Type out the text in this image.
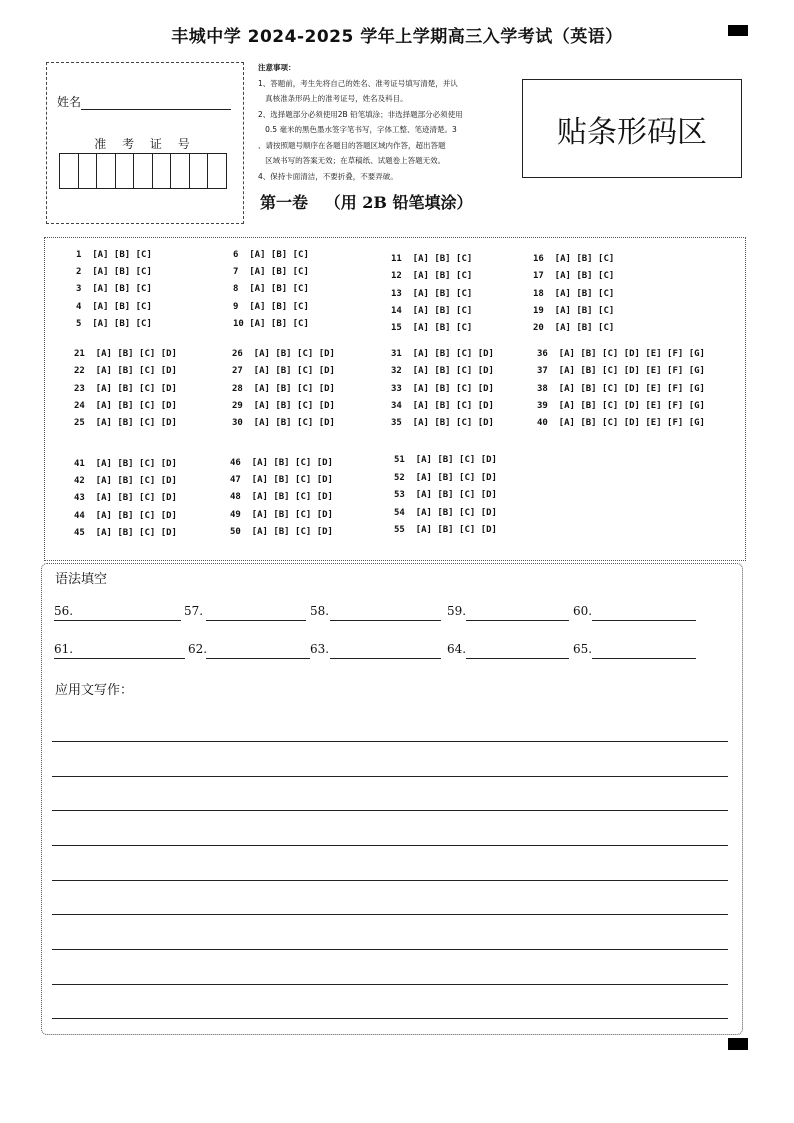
丰城中学 2024-2025 学年上学期高三入学考试（英语）
姓名
准 考 证 号
注意事项：
1、答题前，考生先将自己的姓名、准考证号填写清楚，并认
真核准条形码上的准考证号，姓名及科目。
2、选择题部分必须使用2B 铅笔填涂；非选择题部分必须使用
0.5 毫米的黑色墨水签字笔书写，字体工整、笔迹清楚。3
、请按照题号顺序在各题目的答题区域内作答，超出答题
区域书写的答案无效；在草稿纸、试题卷上答题无效。
4、保持卡面清洁，不要折叠，不要弄破。
贴条形码区
第一卷   （用 2B 铅笔填涂）
1  [A] [B] [C]
2  [A] [B] [C]
3  [A] [B] [C]
4  [A] [B] [C]
5  [A] [B] [C]
6  [A] [B] [C]
7  [A] [B] [C]
8  [A] [B] [C]
9  [A] [B] [C]
10 [A] [B] [C]
11  [A] [B] [C]
12  [A] [B] [C]
13  [A] [B] [C]
14  [A] [B] [C]
15  [A] [B] [C]
16  [A] [B] [C]
17  [A] [B] [C]
18  [A] [B] [C]
19  [A] [B] [C]
20  [A] [B] [C]
21  [A] [B] [C] [D]
22  [A] [B] [C] [D]
23  [A] [B] [C] [D]
24  [A] [B] [C] [D]
25  [A] [B] [C] [D]
26  [A] [B] [C] [D]
27  [A] [B] [C] [D]
28  [A] [B] [C] [D]
29  [A] [B] [C] [D]
30  [A] [B] [C] [D]
31  [A] [B] [C] [D]
32  [A] [B] [C] [D]
33  [A] [B] [C] [D]
34  [A] [B] [C] [D]
35  [A] [B] [C] [D]
36  [A] [B] [C] [D] [E] [F] [G]
37  [A] [B] [C] [D] [E] [F] [G]
38  [A] [B] [C] [D] [E] [F] [G]
39  [A] [B] [C] [D] [E] [F] [G]
40  [A] [B] [C] [D] [E] [F] [G]
41  [A] [B] [C] [D]
42  [A] [B] [C] [D]
43  [A] [B] [C] [D]
44  [A] [B] [C] [D]
45  [A] [B] [C] [D]
46  [A] [B] [C] [D]
47  [A] [B] [C] [D]
48  [A] [B] [C] [D]
49  [A] [B] [C] [D]
50  [A] [B] [C] [D]
51  [A] [B] [C] [D]
52  [A] [B] [C] [D]
53  [A] [B] [C] [D]
54  [A] [B] [C] [D]
55  [A] [B] [C] [D]
语法填空
56.	57.	58.	59.	60.
61.	62.	63.	64.	65.
应用文写作：
